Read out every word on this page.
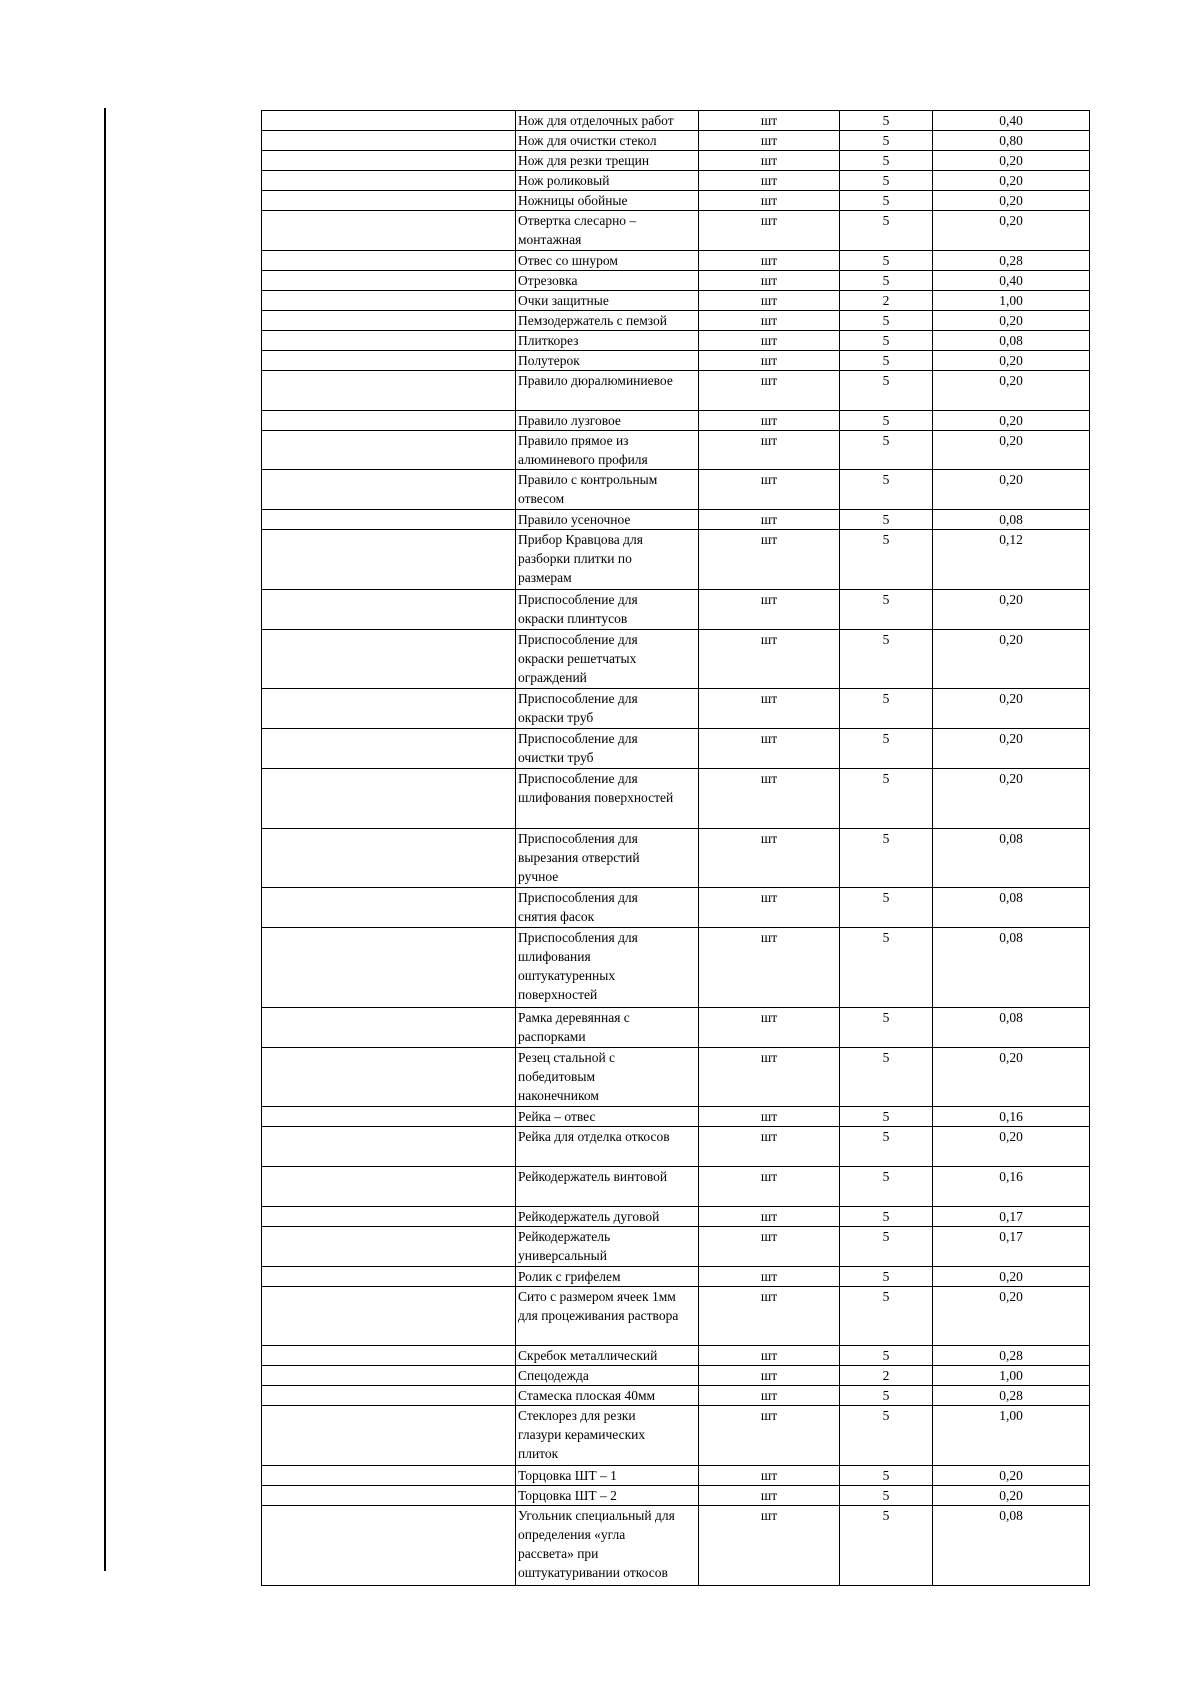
	Нож для отделочных работ	шт	5	0,40

	Нож для очистки стекол	шт	5	0,80

	Нож для резки трещин	шт	5	0,20

	Нож роликовый	шт	5	0,20

	Ножницы обойные	шт	5	0,20

	Отвертка слесарно –
монтажная	шт	5	0,20

	Отвес со шнуром	шт	5	0,28

	Отрезовка	шт	5	0,40

	Очки защитные	шт	2	1,00

	Пемзодержатель с пемзой	шт	5	0,20

	Плиткорез	шт	5	0,08

	Полутерок	шт	5	0,20

	Правило дюралюминиевое	шт	5	0,20

	Правило лузговое	шт	5	0,20

	Правило прямое из
алюминевого профиля	шт	5	0,20

	Правило с контрольным
отвесом	шт	5	0,20

	Правило усеночное	шт	5	0,08

	Прибор Кравцова для
разборки плитки по
размерам	шт	5	0,12

	Приспособление для
окраски плинтусов	шт	5	0,20

	Приспособление для
окраски решетчатых
ограждений	шт	5	0,20

	Приспособление для
окраски труб	шт	5	0,20

	Приспособление для
очистки труб	шт	5	0,20

	Приспособление для
шлифования поверхностей	шт	5	0,20

	Приспособления для
вырезания отверстий
ручное	шт	5	0,08

	Приспособления для
снятия фасок	шт	5	0,08

	Приспособления для
шлифования
оштукатуренных
поверхностей	шт	5	0,08

	Рамка деревянная с
распорками	шт	5	0,08

	Резец стальной с
победитовым
наконечником	шт	5	0,20

	Рейка – отвес	шт	5	0,16

	Рейка для отделка откосов	шт	5	0,20

	Рейкодержатель винтовой	шт	5	0,16

	Рейкодержатель дуговой	шт	5	0,17

	Рейкодержатель
универсальный	шт	5	0,17

	Ролик с грифелем	шт	5	0,20

	Сито с размером ячеек 1мм
для процеживания раствора	шт	5	0,20

	Скребок металлический	шт	5	0,28

	Спецодежда	шт	2	1,00

	Стамеска плоская 40мм	шт	5	0,28

	Стеклорез для резки
глазури керамических
плиток	шт	5	1,00

	Торцовка ШТ – 1	шт	5	0,20

	Торцовка ШТ – 2	шт	5	0,20

	Угольник специальный для
определения «угла
рассвета» при
оштукатуривании откосов	шт	5	0,08
